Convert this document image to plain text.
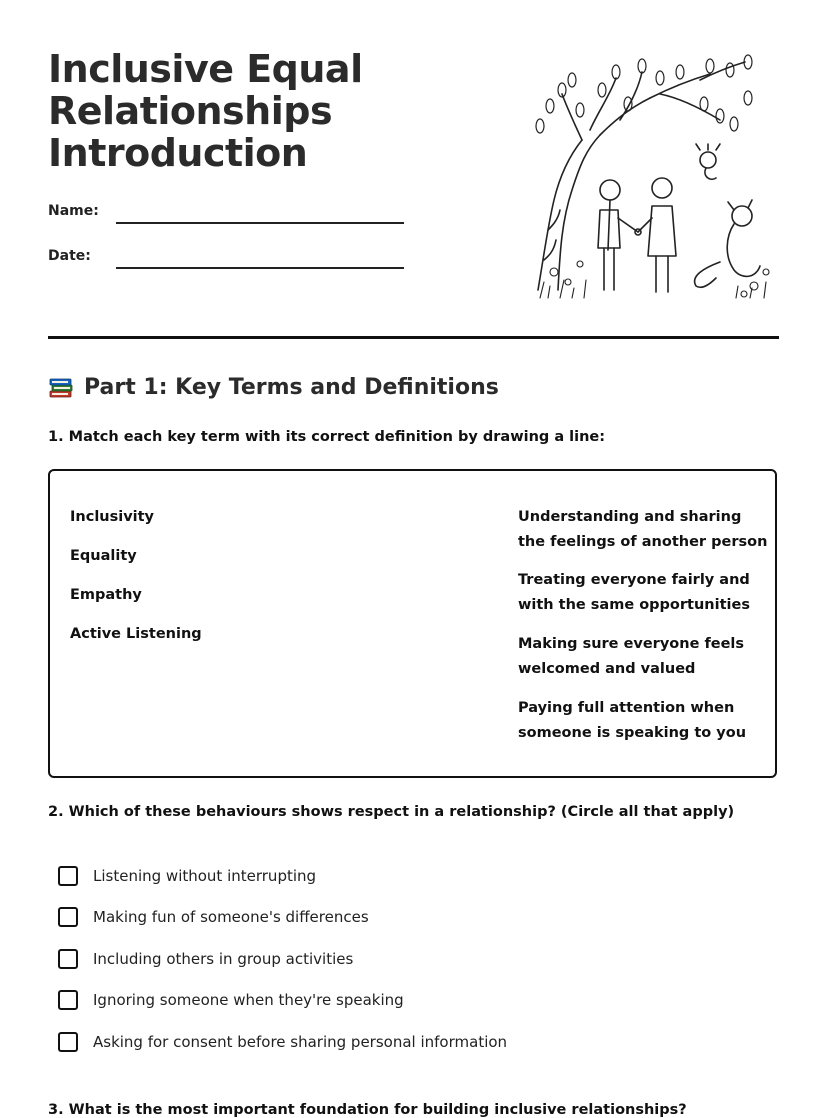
Inclusive Equal
Relationships
Introduction
Name:
Date:
Part 1: Key Terms and Definitions
1. Match each key term with its correct definition by drawing a line:
Inclusivity
Equality
Empathy
Active Listening
Understanding and sharing the feelings of another person
Treating everyone fairly and with the same opportunities
Making sure everyone feels welcomed and valued
Paying full attention when someone is speaking to you
2. Which of these behaviours shows respect in a relationship? (Circle all that apply)
Listening without interrupting
Making fun of someone's differences
Including others in group activities
Ignoring someone when they're speaking
Asking for consent before sharing personal information
3. What is the most important foundation for building inclusive relationships?
